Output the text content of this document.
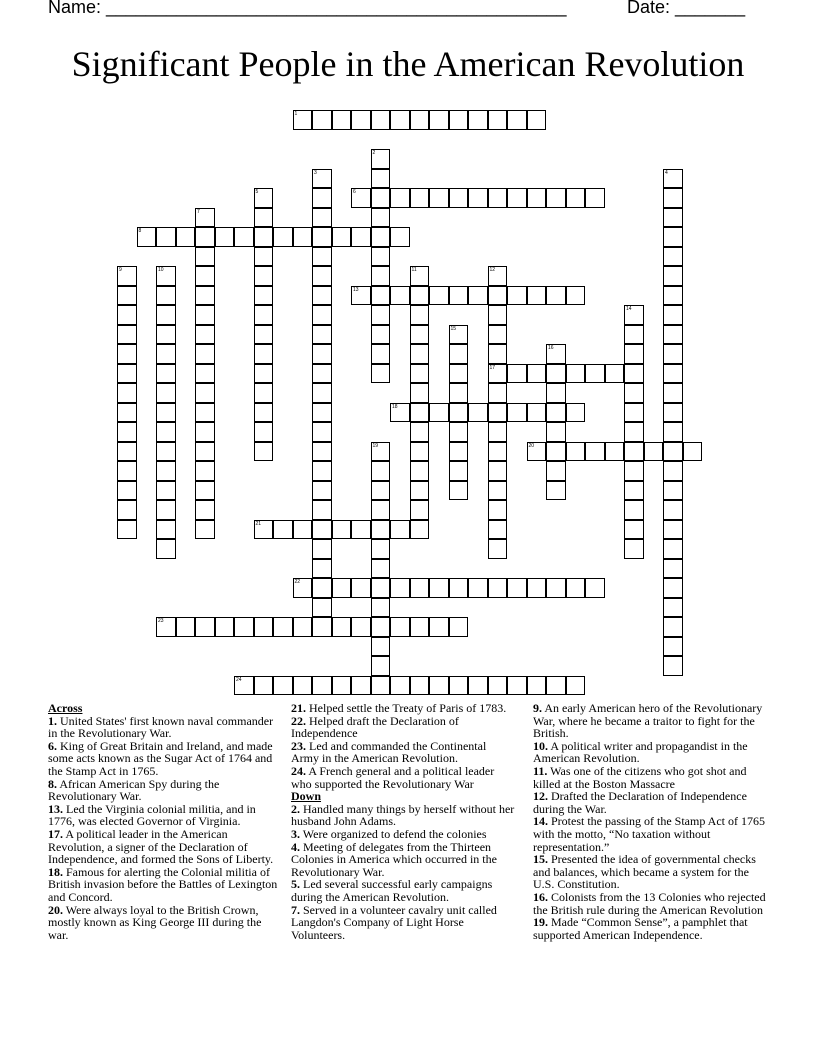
Name: ______________________________________________	Date: _______
Significant People in the American Revolution
1
2
3	4
5	6
7
8
9	10	11	12
17
13
14
15
16
18
19	20
21
22
23
24
Across

1. United States' first known naval commander in the Revolutionary War.

6. King of Great Britain and Ireland, and made some acts known as the Sugar Act of 1764 and the Stamp Act in 1765.

8. African American Spy during the Revolutionary War.

13. Led the Virginia colonial militia, and in 1776, was elected Governor of Virginia.

17. A political leader in the American Revolution, a signer of the Declaration of Independence, and formed the Sons of Liberty.

18. Famous for alerting the Colonial militia of British invasion before the Battles of Lexington and Concord.

20. Were always loyal to the British Crown, mostly known as King George III during the war.

21. Helped settle the Treaty of Paris of 1783.

22. Helped draft the Declaration of Independence

23. Led and commanded the Continental Army in the American Revolution.

24. A French general and a political leader who supported the Revolutionary War

Down

2. Handled many things by herself without her husband John Adams.

3. Were organized to defend the colonies

4. Meeting of delegates from the Thirteen Colonies in America which occurred in the Revolutionary War.

5. Led several successful early campaigns during the American Revolution.

7. Served in a volunteer cavalry unit called Langdon's Company of Light Horse Volunteers.

9. An early American hero of the Revolutionary War, where he became a traitor to fight for the British.

10. A political writer and propagandist in the American Revolution.

11. Was one of the citizens who got shot and killed at the Boston Massacre

12. Drafted the Declaration of Independence during the War.

14. Protest the passing of the Stamp Act of 1765 with the motto, “No taxation without representation.”

15. Presented the idea of governmental checks and balances, which became a system for the U.S. Constitution.

16. Colonists from the 13 Colonies who rejected the British rule during the American Revolution

19. Made “Common Sense”, a pamphlet that supported American Independence.
